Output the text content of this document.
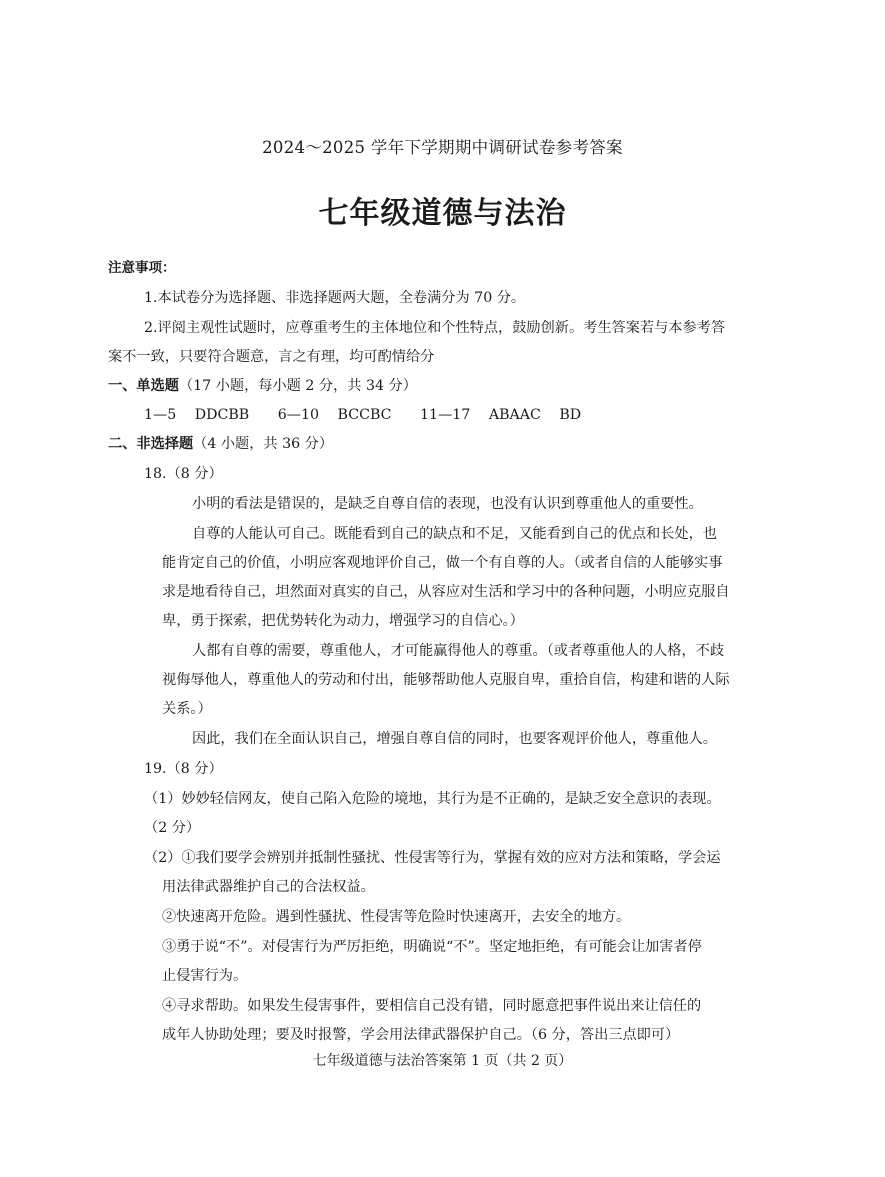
2024～2025 学年下学期期中调研试卷参考答案
七年级道德与法治
注意事项：
1.本试卷分为选择题、非选择题两大题，全卷满分为 70 分。
2.评阅主观性试题时，应尊重考生的主体地位和个性特点，鼓励创新。考生答案若与本参考答
案不一致，只要符合题意，言之有理，均可酌情给分
一、单选题（17 小题，每小题 2 分，共 34 分）
1—5 DDCBB 6—10 BCCBC 11—17 ABAAC BD
二、非选择题（4 小题，共 36 分）
18.（8 分）
小明的看法是错误的，是缺乏自尊自信的表现，也没有认识到尊重他人的重要性。
自尊的人能认可自己。既能看到自己的缺点和不足，又能看到自己的优点和长处，也
能肯定自己的价值，小明应客观地评价自己，做一个有自尊的人。（或者自信的人能够实事
求是地看待自己，坦然面对真实的自己，从容应对生活和学习中的各种问题，小明应克服自
卑，勇于探索，把优势转化为动力，增强学习的自信心。）
人都有自尊的需要，尊重他人，才可能赢得他人的尊重。（或者尊重他人的人格，不歧
视侮辱他人，尊重他人的劳动和付出，能够帮助他人克服自卑，重拾自信，构建和谐的人际
关系。）
因此，我们在全面认识自己，增强自尊自信的同时，也要客观评价他人，尊重他人。
19.（8 分）
（1）妙妙轻信网友，使自己陷入危险的境地，其行为是不正确的，是缺乏安全意识的表现。
（2 分）
（2）①我们要学会辨别并抵制性骚扰、性侵害等行为，掌握有效的应对方法和策略，学会运
用法律武器维护自己的合法权益。
②快速离开危险。遇到性骚扰、性侵害等危险时快速离开，去安全的地方。
③勇于说“不”。对侵害行为严厉拒绝，明确说“不”。坚定地拒绝，有可能会让加害者停
止侵害行为。
④寻求帮助。如果发生侵害事件，要相信自己没有错，同时愿意把事件说出来让信任的
成年人协助处理；要及时报警，学会用法律武器保护自己。（6 分，答出三点即可）
七年级道德与法治答案第 1 页（共 2 页）
